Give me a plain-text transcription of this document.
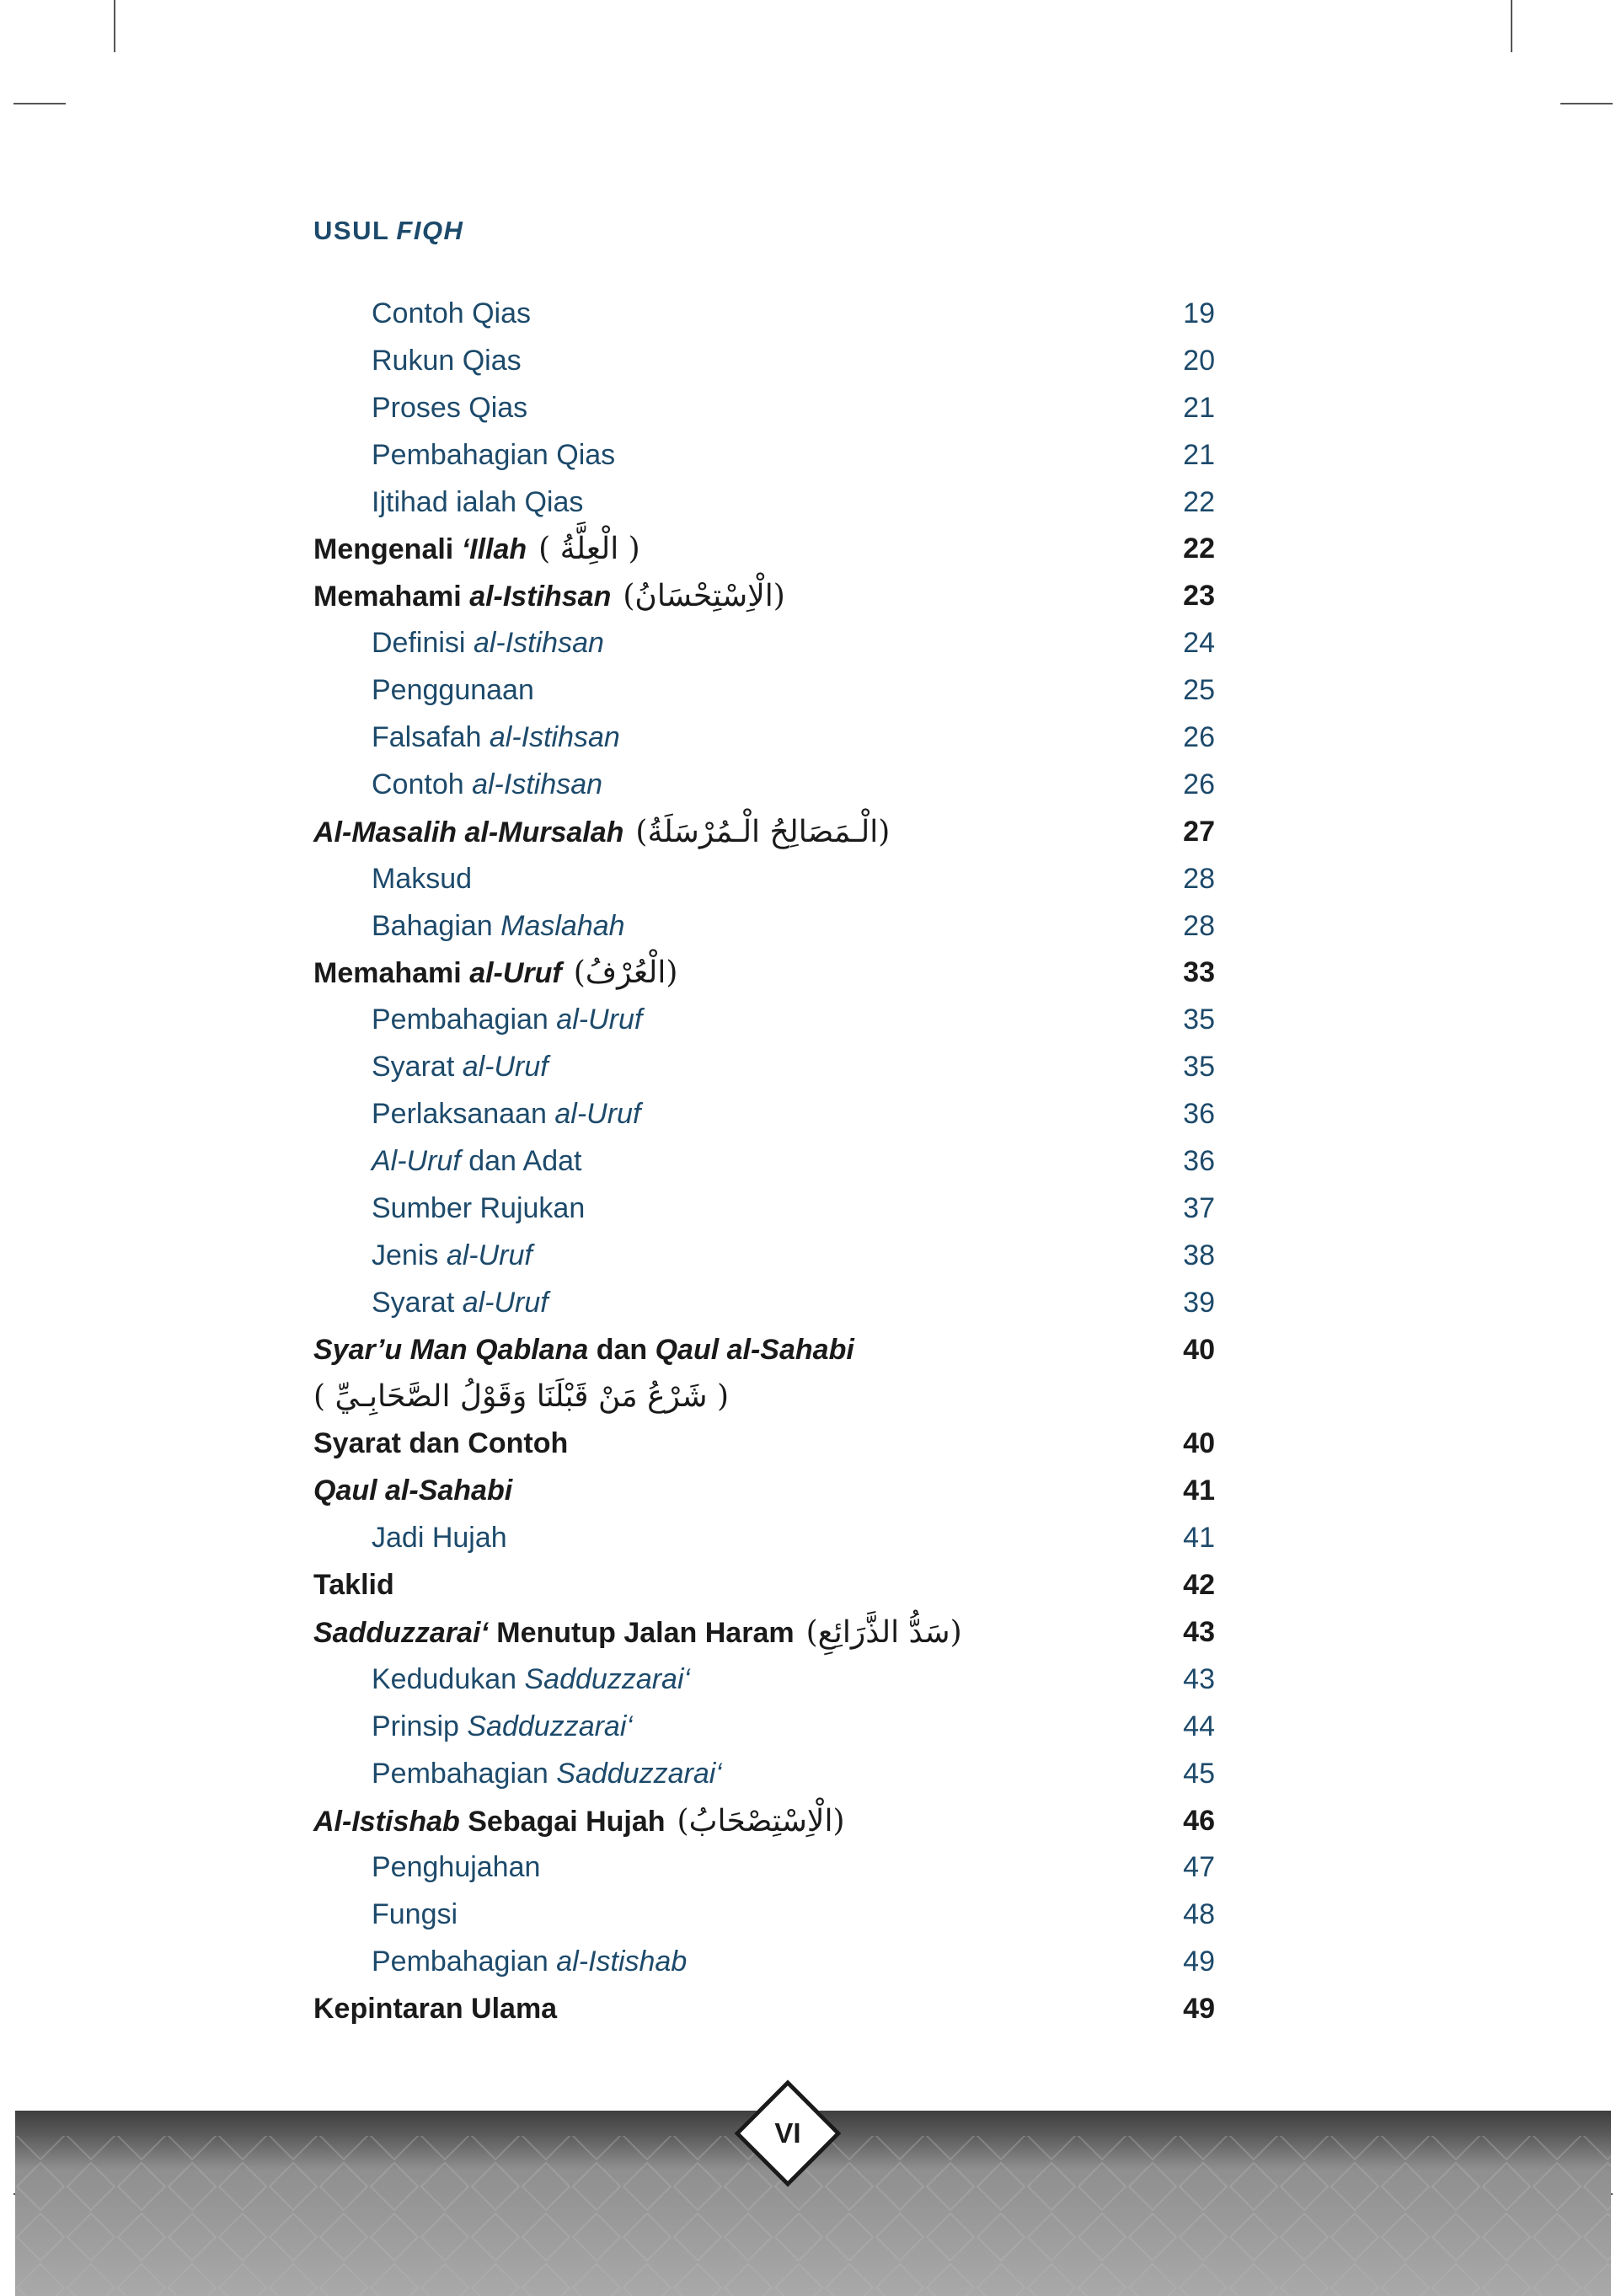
USUL FIQH
Contoh Qias	19
Rukun Qias	20
Proses Qias	21
Pembahagian Qias	21
Ijtihad ialah Qias	22
Mengenali ‘Illah ( الْعِلَّةُ )	22
Memahami al-Istihsan (الْاِسْتِحْسَانُ)	23
Definisi al-Istihsan	24
Penggunaan	25
Falsafah al-Istihsan	26
Contoh al-Istihsan	26
Al-Masalih al-Mursalah (الْـمَصَالِحُ الْـمُرْسَلَةُ)	27
Maksud	28
Bahagian Maslahah	28
Memahami al-Uruf (الْعُرْفُ)	33
Pembahagian al-Uruf	35
Syarat al-Uruf	35
Perlaksanaan al-Uruf	36
Al-Uruf dan Adat	36
Sumber Rujukan	37
Jenis al-Uruf	38
Syarat al-Uruf	39
Syar’u Man Qablana dan Qaul al-Sahabi	40
( شَرْعُ مَنْ قَبْلَنَا وَقَوْلُ الصَّحَابِـيِّ )
Syarat dan Contoh	40
Qaul al-Sahabi	41
Jadi Hujah	41
Taklid	42
Sadduzzarai‘ Menutup Jalan Haram (سَدُّ الذَّرَائِعِ)	43
Kedudukan Sadduzzarai‘	43
Prinsip Sadduzzarai‘	44
Pembahagian Sadduzzarai‘	45
Al-Istishab Sebagai Hujah (الْاِسْتِصْحَابُ)	46
Penghujahan	47
Fungsi	48
Pembahagian al-Istishab	49
Kepintaran Ulama	49
VI
